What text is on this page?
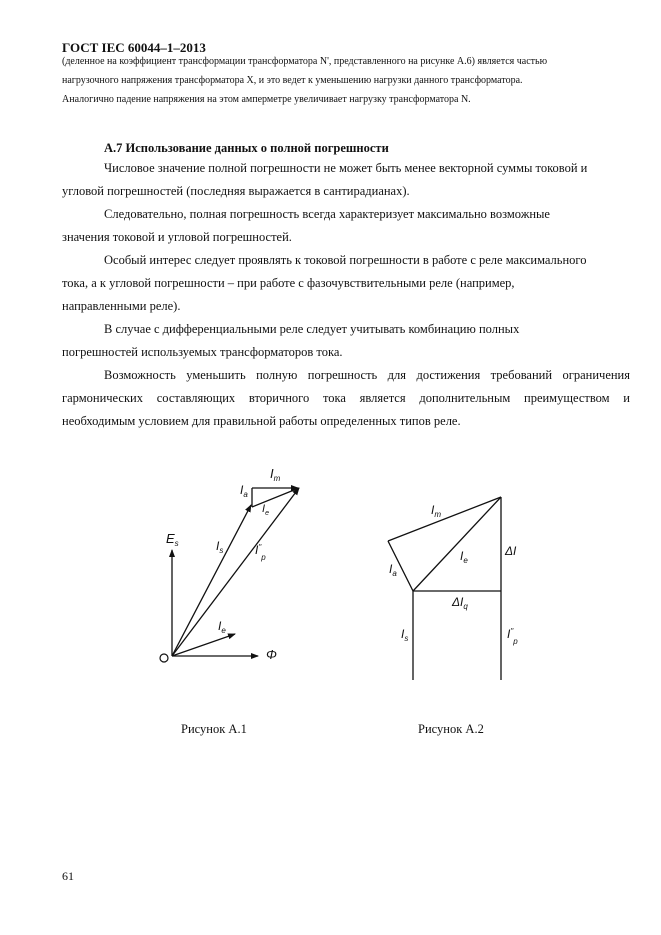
ГОСТ IEC 60044–1–2013
(деленное на коэффициент трансформации трансформатора N', представленного на рисунке А.6) является частью
нагрузочного напряжения трансформатора X, и это ведет к уменьшению нагрузки данного трансформатора.
Аналогично падение напряжения на этом амперметре увеличивает нагрузку трансформатора N.
А.7 Использование данных о полной погрешности
Числовое значение полной погрешности не может быть менее векторной суммы токовой и
угловой погрешностей (последняя выражается в сантирадианах).
Следовательно, полная погрешность всегда характеризует максимально возможные
значения токовой и угловой погрешностей.
Особый интерес следует проявлять к токовой погрешности в работе с реле максимального
тока, а к угловой погрешности – при работе с фазочувствительными реле (например,
направленными реле).
В случае с дифференциальными реле следует учитывать комбинацию полных
погрешностей используемых трансформаторов тока.
Возможность уменьшить полную погрешность для достижения требований ограничения
гармонических составляющих вторичного тока является дополнительным преимуществом и
необходимым условием для правильной работы определенных типов реле.
$I_m$
$I_a$
$I_e$
$I_s$	$I^"_p$
$E_s$
$I_e$
Φ
$I_m$
$I_a$
$I_e$
ΔI
$\Delta I_q$
$I_s$	$I^"_p$
Рисунок А.1	Рисунок А.2
61
